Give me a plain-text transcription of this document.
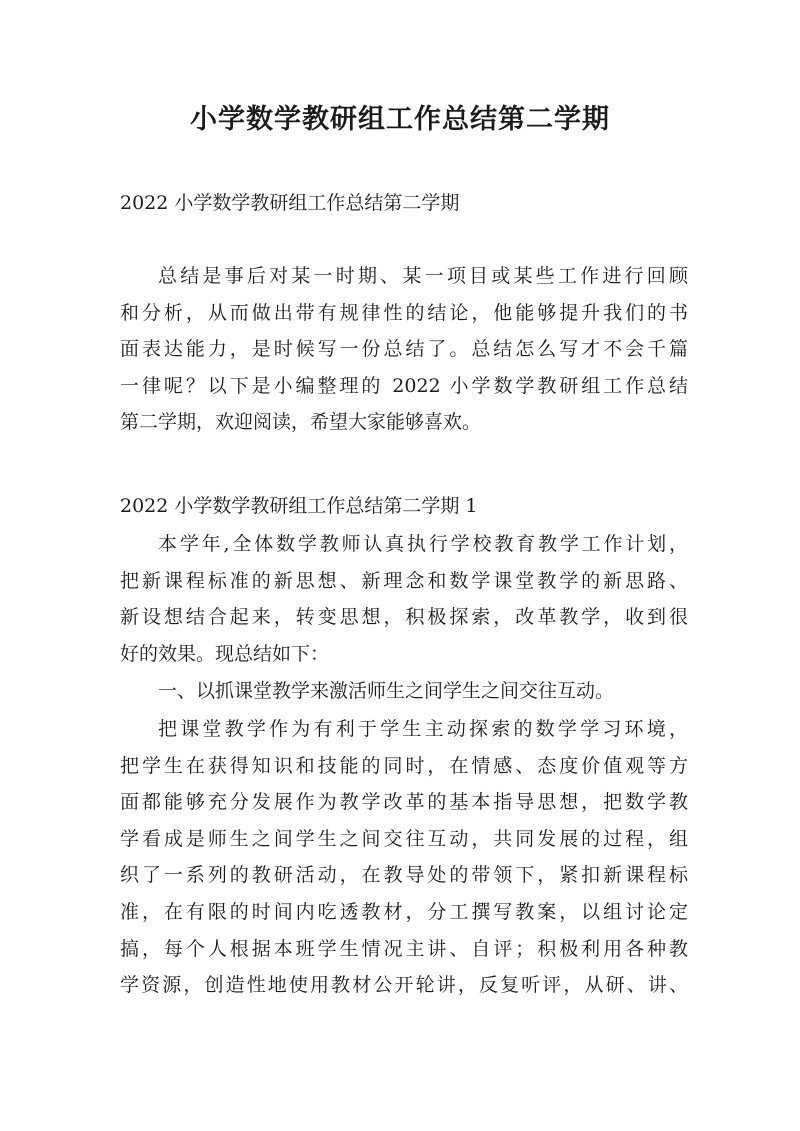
小学数学教研组工作总结第二学期
2022 小学数学教研组工作总结第二学期
总结是事后对某一时期、某一项目或某些工作进行回顾
和分析，从而做出带有规律性的结论，他能够提升我们的书
面表达能力，是时候写一份总结了。总结怎么写才不会千篇
一律呢？以下是小编整理的 2022 小学数学教研组工作总结
第二学期，欢迎阅读，希望大家能够喜欢。
2022 小学数学教研组工作总结第二学期 1
本学年,全体数学教师认真执行学校教育教学工作计划，
把新课程标准的新思想、新理念和数学课堂教学的新思路、
新设想结合起来，转变思想，积极探索，改革教学，收到很
好的效果。现总结如下：
一、以抓课堂教学来激活师生之间学生之间交往互动。
把课堂教学作为有利于学生主动探索的数学学习环境，
把学生在获得知识和技能的同时，在情感、态度价值观等方
面都能够充分发展作为教学改革的基本指导思想，把数学教
学看成是师生之间学生之间交往互动，共同发展的过程，组
织了一系列的教研活动，在教导处的带领下，紧扣新课程标
准，在有限的时间内吃透教材，分工撰写教案，以组讨论定
搞，每个人根据本班学生情况主讲、自评；积极利用各种教
学资源，创造性地使用教材公开轮讲，反复听评，从研、讲、
